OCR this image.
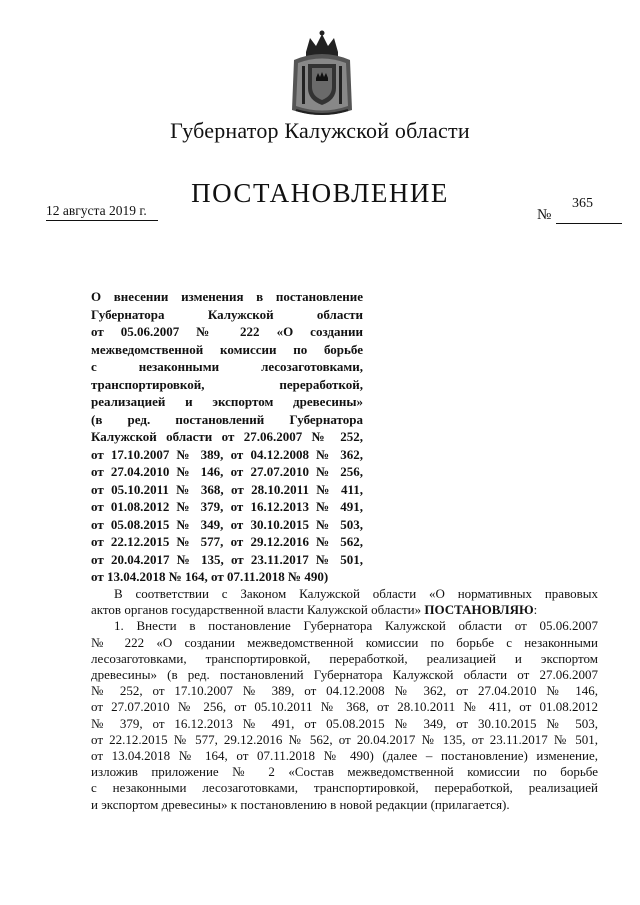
Губернатор Калужской области
ПОСТАНОВЛЕНИЕ
12 августа 2019 г.	№
365
О внесении изменения в постановление
Губернатора Калужской области
от 05.06.2007 № 222 «О создании
межведомственной комиссии по борьбе
с незаконными лесозаготовками,
транспортировкой, переработкой,
реализацией и экспортом древесины»
(в ред. постановлений Губернатора
Калужской области от 27.06.2007 № 252,
от 17.10.2007 № 389, от 04.12.2008 № 362,
от 27.04.2010 № 146, от 27.07.2010 № 256,
от 05.10.2011 № 368, от 28.10.2011 № 411,
от 01.08.2012 № 379, от 16.12.2013 № 491,
от 05.08.2015 № 349, от 30.10.2015 № 503,
от 22.12.2015 № 577, от 29.12.2016 № 562,
от 20.04.2017 № 135, от 23.11.2017 № 501,
от 13.04.2018 № 164, от 07.11.2018 № 490)
В соответствии с Законом Калужской области «О нормативных правовых
актов органов государственной власти Калужской области» ПОСТАНОВЛЯЮ:
1. Внести в постановление Губернатора Калужской области от 05.06.2007
№ 222 «О создании межведомственной комиссии по борьбе с незаконными
лесозаготовками, транспортировкой, переработкой, реализацией и экспортом
древесины» (в ред. постановлений Губернатора Калужской области от 27.06.2007
№ 252, от 17.10.2007 № 389, от 04.12.2008 № 362, от 27.04.2010 № 146,
от 27.07.2010 № 256, от 05.10.2011 № 368, от 28.10.2011 № 411, от 01.08.2012
№ 379, от 16.12.2013 № 491, от 05.08.2015 № 349, от 30.10.2015 № 503,
от 22.12.2015 № 577, 29.12.2016 № 562, от 20.04.2017 № 135, от 23.11.2017 № 501,
от 13.04.2018 № 164, от 07.11.2018 № 490) (далее – постановление) изменение,
изложив приложение № 2 «Состав межведомственной комиссии по борьбе
с незаконными лесозаготовками, транспортировкой, переработкой, реализацией
и экспортом древесины» к постановлению в новой редакции (прилагается).
